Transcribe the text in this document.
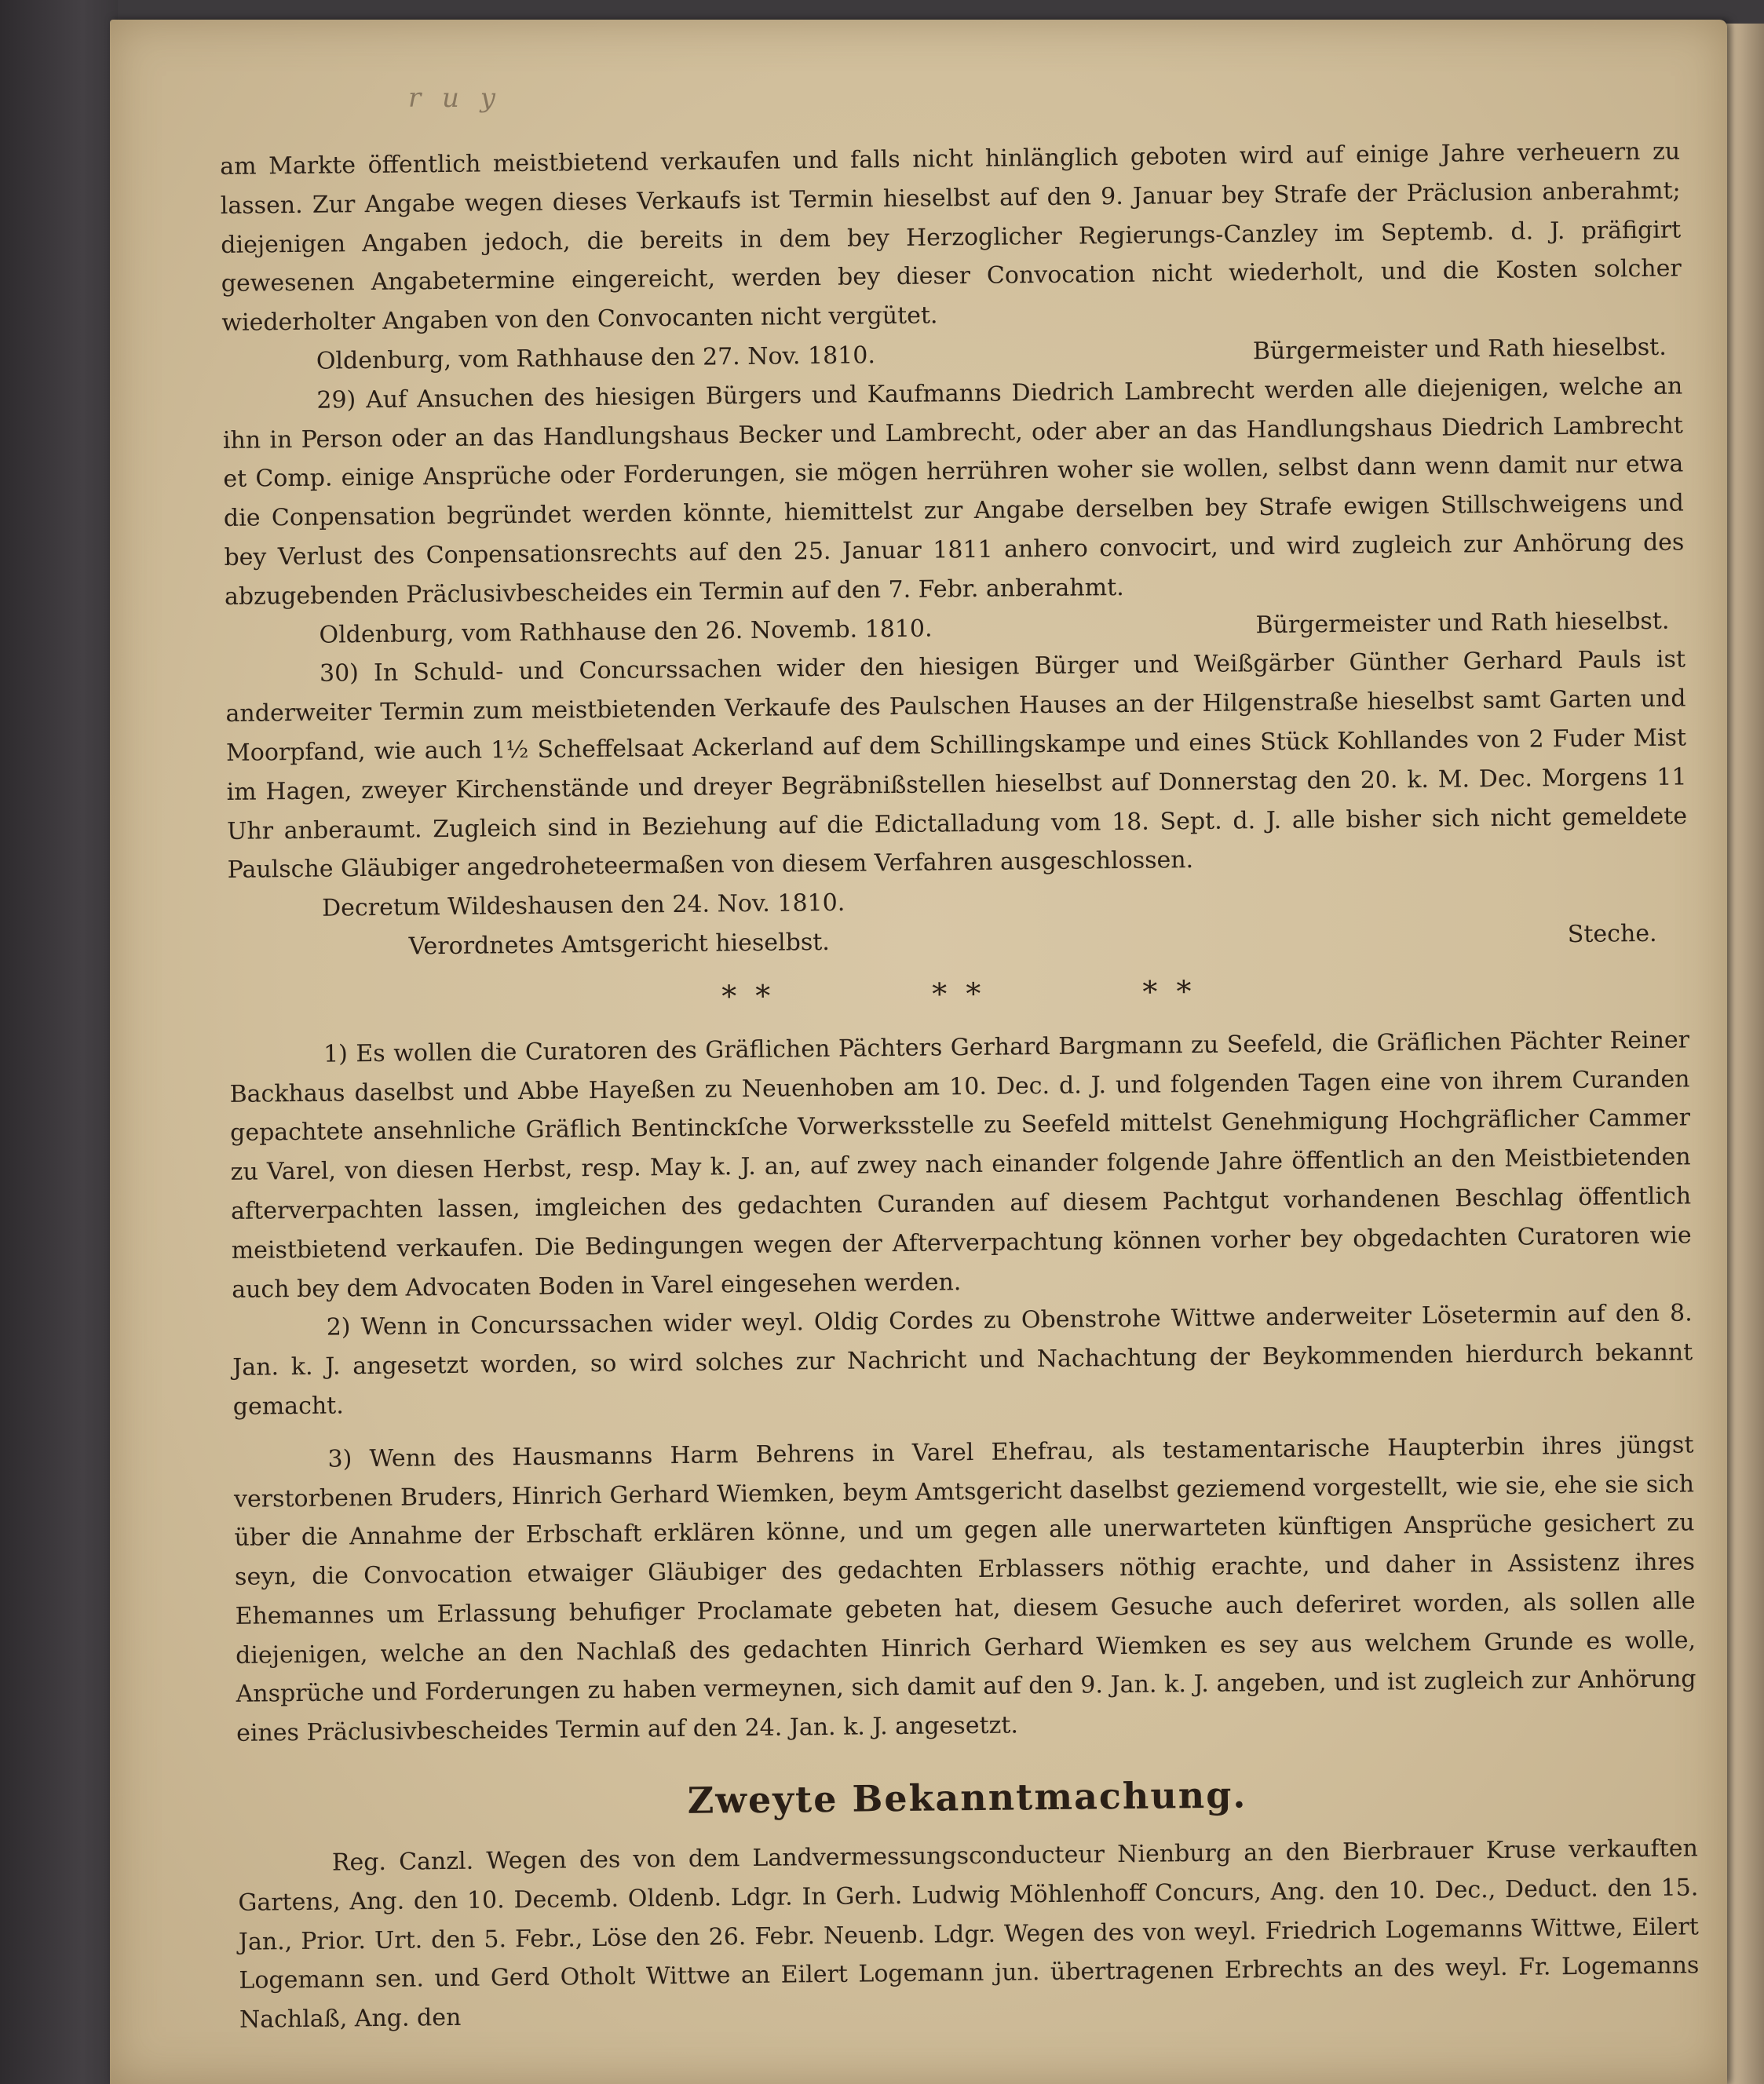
r u y

am Markte öffentlich meistbietend verkaufen und falls nicht hinlänglich geboten wird auf einige Jahre verheuern zu lassen. Zur Angabe wegen dieses Verkaufs ist Termin hieselbst auf den 9. Januar bey Strafe der Präclusion anberahmt; diejenigen Angaben jedoch, die bereits in dem bey Herzoglicher Regierungs-Canzley im Septemb. d. J. präfigirt gewesenen Angabetermine eingereicht, werden bey dieser Convocation nicht wiederholt, und die Kosten solcher wiederholter Angaben von den Convocanten nicht vergütet.

Oldenburg, vom Rathhause den 27. Nov. 1810.	Bürgermeister und Rath hieselbst.

29) Auf Ansuchen des hiesigen Bürgers und Kaufmanns Diedrich Lambrecht werden alle diejenigen, welche an ihn in Person oder an das Handlungshaus Becker und Lambrecht, oder aber an das Handlungshaus Diedrich Lambrecht et Comp. einige Ansprüche oder Forderungen, sie mögen herrühren woher sie wollen, selbst dann wenn damit nur etwa die Conpensation begründet werden könnte, hiemittelst zur Angabe derselben bey Strafe ewigen Stillschweigens und bey Verlust des Conpensationsrechts auf den 25. Januar 1811 anhero convocirt, und wird zugleich zur Anhörung des abzugebenden Präclusivbescheides ein Termin auf den 7. Febr. anberahmt.

Oldenburg, vom Rathhause den 26. Novemb. 1810.	Bürgermeister und Rath hieselbst.

30) In Schuld- und Concurssachen wider den hiesigen Bürger und Weißgärber Günther Gerhard Pauls ist anderweiter Termin zum meistbietenden Verkaufe des Paulschen Hauses an der Hilgenstraße hieselbst samt Garten und Moorpfand, wie auch 1½ Scheffelsaat Ackerland auf dem Schillingskampe und eines Stück Kohllandes von 2 Fuder Mist im Hagen, zweyer Kirchenstände und dreyer Begräbnißstellen hieselbst auf Donnerstag den 20. k. M. Dec. Morgens 11 Uhr anberaumt. Zugleich sind in Beziehung auf die Edictalladung vom 18. Sept. d. J. alle bisher sich nicht gemeldete Paulsche Gläubiger angedroheteermaßen von diesem Verfahren ausgeschlossen.

Decretum Wildeshausen den 24. Nov. 1810.
Verordnetes Amtsgericht hieselbst.	Steche.
* *	* *	* *

1) Es wollen die Curatoren des Gräflichen Pächters Gerhard Bargmann zu Seefeld, die Gräflichen Pächter Reiner Backhaus daselbst und Abbe Hayeßen zu Neuenhoben am 10. Dec. d. J. und folgenden Tagen eine von ihrem Curanden gepachtete ansehnliche Gräflich Bentinckſche Vorwerksstelle zu Seefeld mittelst Genehmigung Hochgräflicher Cammer zu Varel, von diesen Herbst, resp. May k. J. an, auf zwey nach einander folgende Jahre öffentlich an den Meistbietenden afterverpachten lassen, imgleichen des gedachten Curanden auf diesem Pachtgut vorhandenen Beschlag öffentlich meistbietend verkaufen. Die Bedingungen wegen der Afterverpachtung können vorher bey obgedachten Curatoren wie auch bey dem Advocaten Boden in Varel eingesehen werden.

2) Wenn in Concurssachen wider weyl. Oldig Cordes zu Obenstrohe Wittwe anderweiter Lösetermin auf den 8. Jan. k. J. angesetzt worden, so wird solches zur Nachricht und Nachachtung der Beykommenden hierdurch bekannt gemacht.

3) Wenn des Hausmanns Harm Behrens in Varel Ehefrau, als testamentarische Haupterbin ihres jüngst verstorbenen Bruders, Hinrich Gerhard Wiemken, beym Amtsgericht daselbst geziemend vorgestellt, wie sie, ehe sie sich über die Annahme der Erbschaft erklären könne, und um gegen alle unerwarteten künftigen Ansprüche gesichert zu seyn, die Convocation etwaiger Gläubiger des gedachten Erblassers nöthig erachte, und daher in Assistenz ihres Ehemannes um Erlassung behufiger Proclamate gebeten hat, diesem Gesuche auch deferiret worden, als sollen alle diejenigen, welche an den Nachlaß des gedachten Hinrich Gerhard Wiemken es sey aus welchem Grunde es wolle, Ansprüche und Forderungen zu haben vermeynen, sich damit auf den 9. Jan. k. J. angeben, und ist zugleich zur Anhörung eines Präclusivbescheides Termin auf den 24. Jan. k. J. angesetzt.

Zweyte Bekanntmachung.

Reg. Canzl. Wegen des von dem Landvermessungsconducteur Nienburg an den Bierbrauer Kruse verkauften Gartens, Ang. den 10. Decemb. Oldenb. Ldgr. In Gerh. Ludwig Möhlenhoff Concurs, Ang. den 10. Dec., Deduct. den 15. Jan., Prior. Urt. den 5. Febr., Löse den 26. Febr. Neuenb. Ldgr. Wegen des von weyl. Friedrich Logemanns Wittwe, Eilert Logemann sen. und Gerd Otholt Wittwe an Eilert Logemann jun. übertragenen Erbrechts an des weyl. Fr. Logemanns Nachlaß, Ang. den
